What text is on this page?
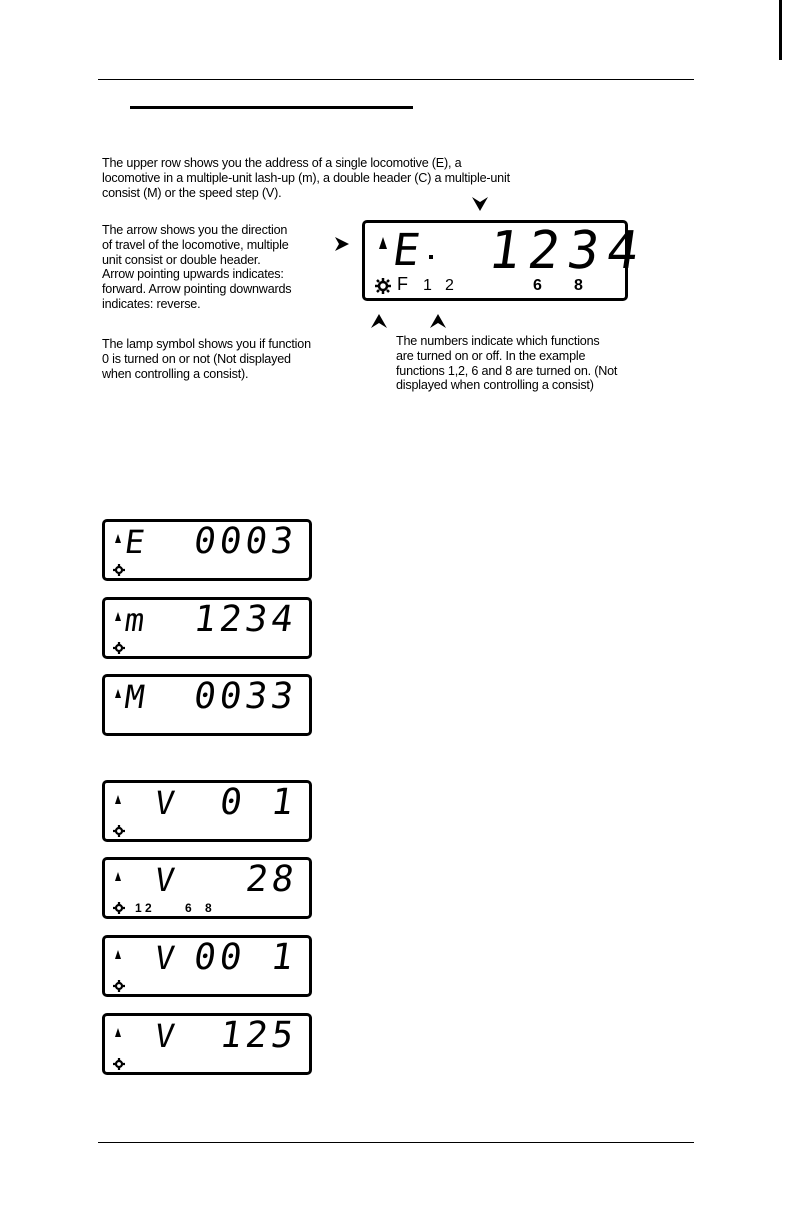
The upper row shows you the address of a single locomotive (E), a
locomotive in a multiple-unit lash-up (m), a double header (C) a multiple-unit
consist (M) or the speed step (V).
The arrow shows you the direction
of travel of the locomotive, multiple
unit consist or double header.
Arrow pointing upwards indicates:
forward. Arrow pointing downwards
indicates: reverse.
E 1234
F 1 2	6 8
The lamp symbol shows you if function
0 is turned on or not (Not displayed
when controlling a consist).
The numbers indicate which functions
are turned on or off. In the example
functions 1,2, 6 and 8 are turned on. (Not
displayed when controlling a consist)
E 0003
m 1234
M 0033
V 0 1
V 28
1 2          6    8
V 00 1
V 125
